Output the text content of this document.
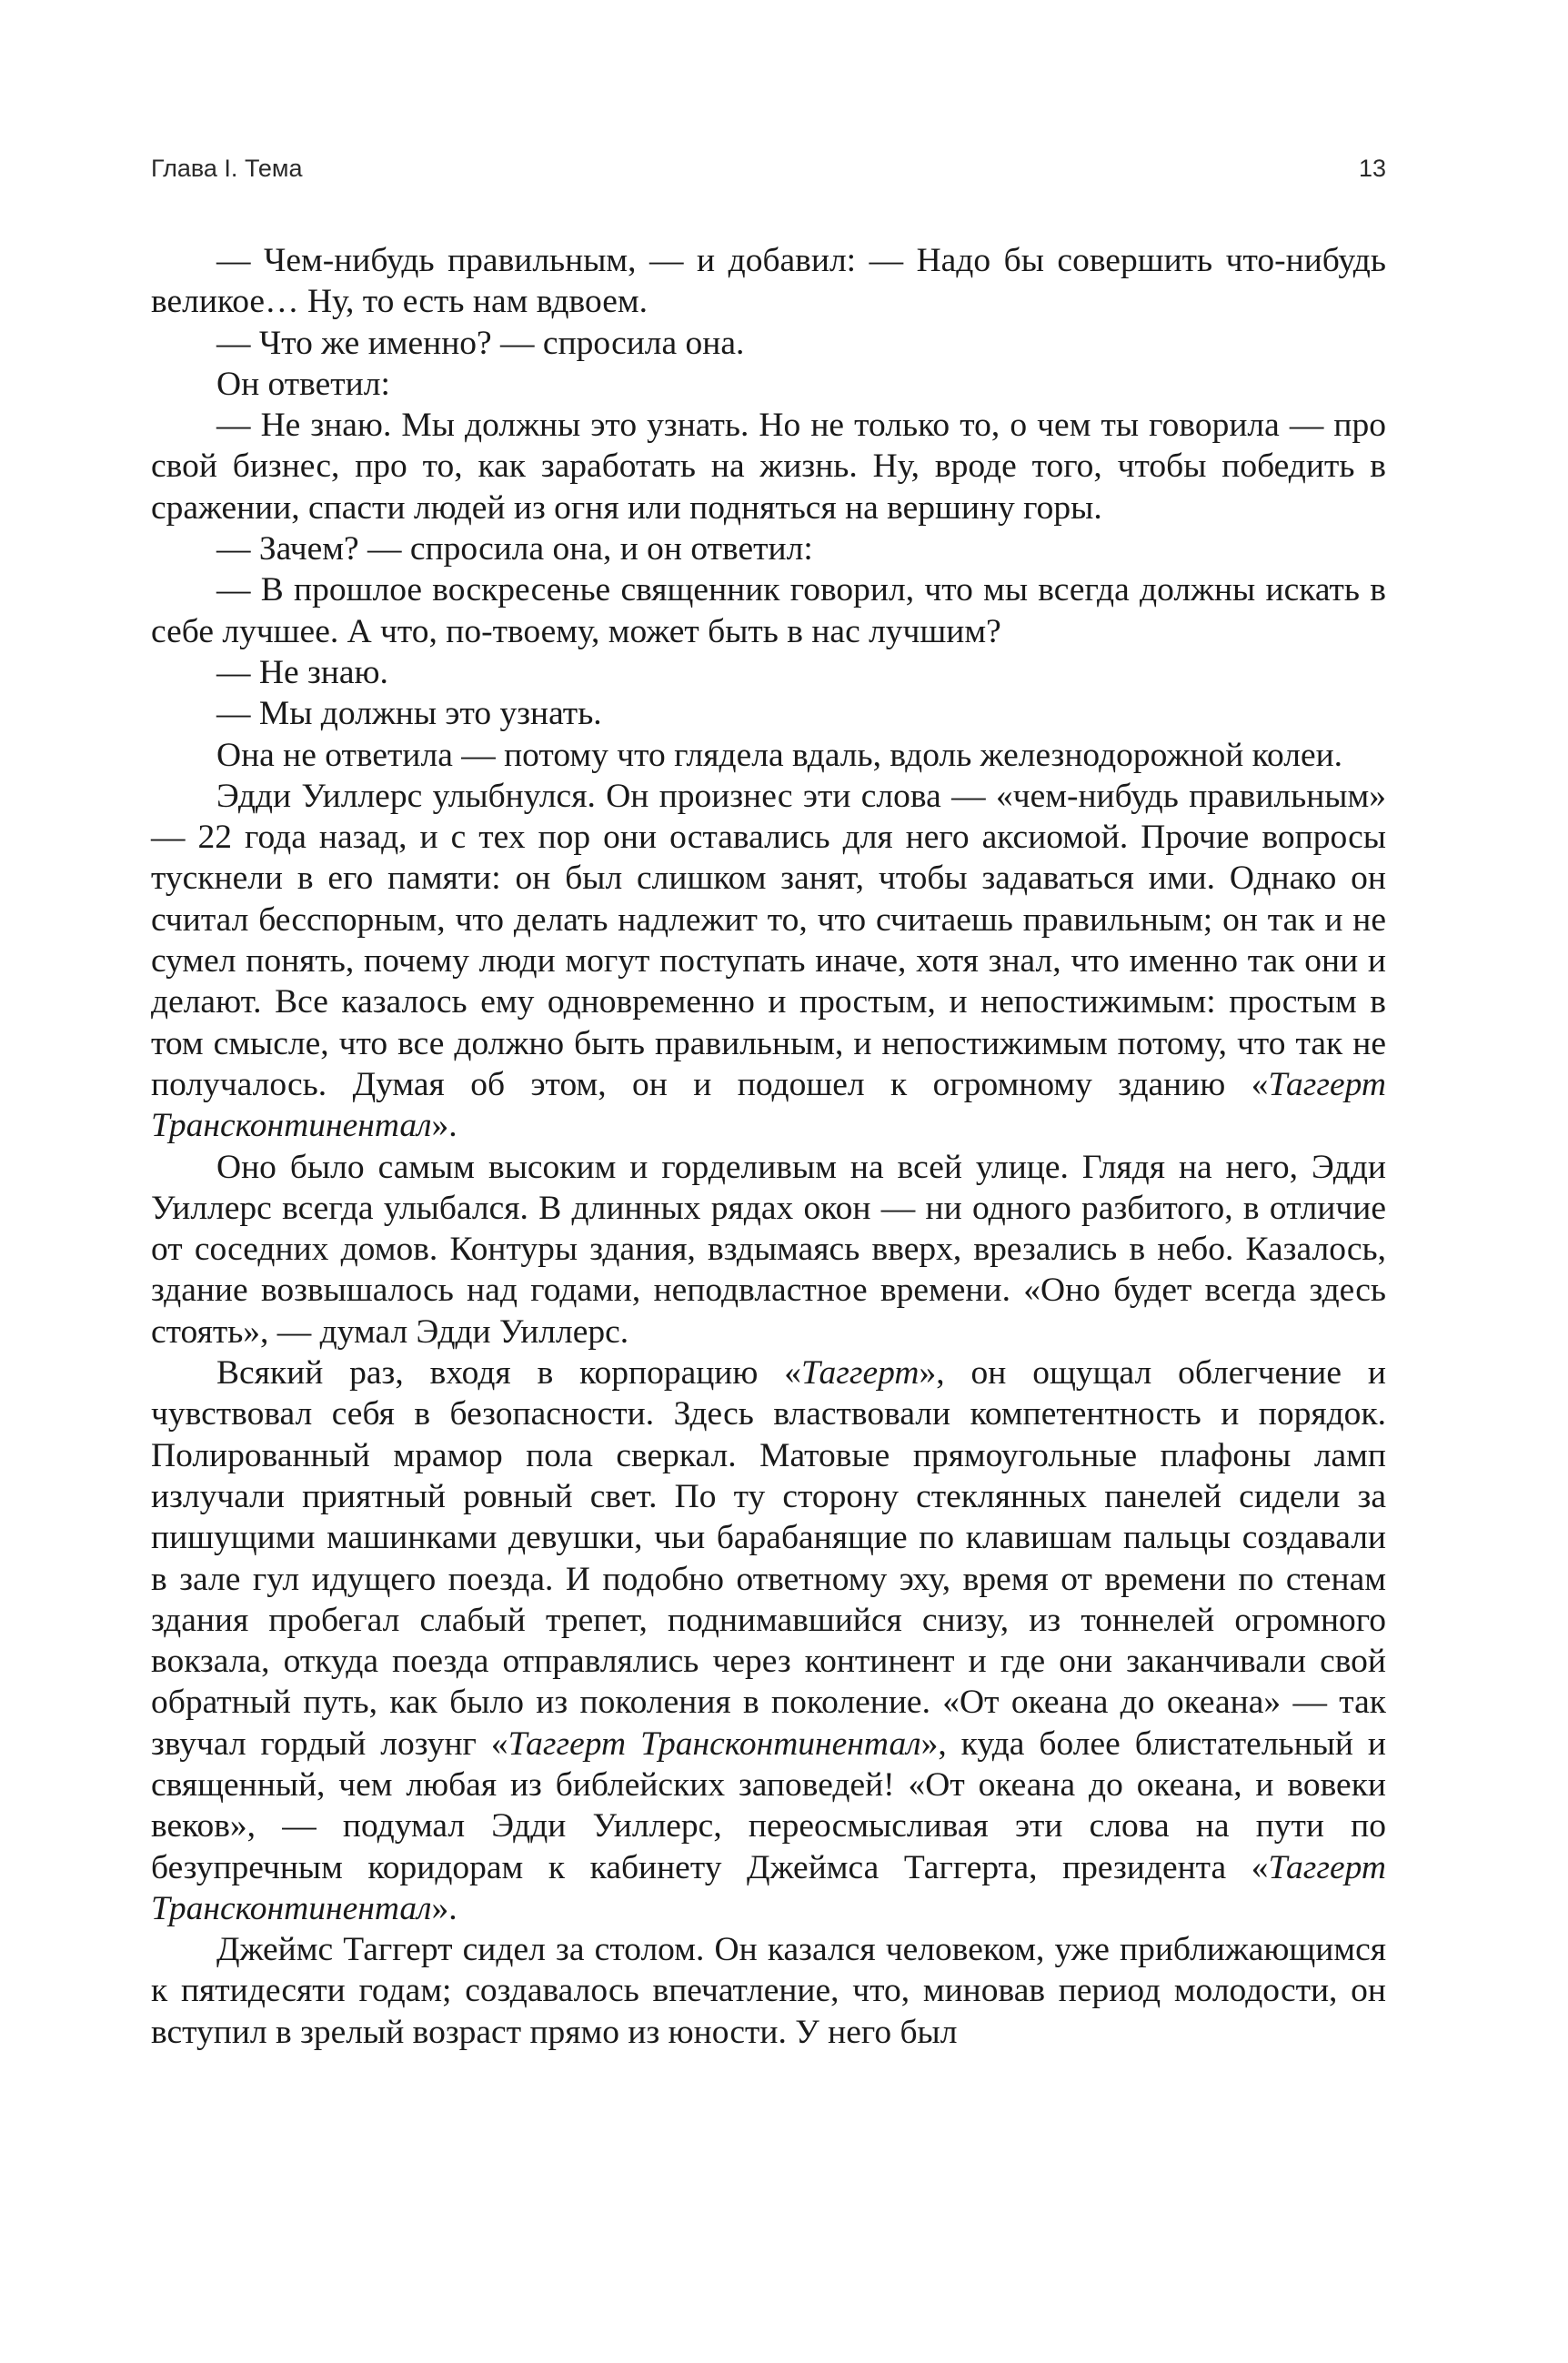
Глава I. Тема	13

— Чем-нибудь правильным, — и добавил: — Надо бы совершить что-нибудь великое… Ну, то есть нам вдвоем.

— Что же именно? — спросила она.

Он ответил:

— Не знаю. Мы должны это узнать. Но не только то, о чем ты говорила — про свой бизнес, про то, как заработать на жизнь. Ну, вроде того, чтобы победить в сражении, спасти людей из огня или подняться на вершину горы.

— Зачем? — спросила она, и он ответил:

— В прошлое воскресенье священник говорил, что мы всегда должны искать в себе лучшее. А что, по-твоему, может быть в нас лучшим?

— Не знаю.

— Мы должны это узнать.

Она не ответила — потому что глядела вдаль, вдоль железнодорожной колеи.

Эдди Уиллерс улыбнулся. Он произнес эти слова — «чем-нибудь правильным» — 22 года назад, и с тех пор они оставались для него аксиомой. Прочие вопросы тускнели в его памяти: он был слишком занят, чтобы задаваться ими. Однако он считал бесспорным, что делать надлежит то, что считаешь правильным; он так и не сумел понять, почему люди могут поступать иначе, хотя знал, что именно так они и делают. Все казалось ему одновременно и простым, и непостижимым: простым в том смысле, что все должно быть правильным, и непостижимым потому, что так не получалось. Думая об этом, он и подошел к огромному зданию «Таггерт Трансконтинентал».

Оно было самым высоким и горделивым на всей улице. Глядя на него, Эдди Уиллерс всегда улыбался. В длинных рядах окон — ни одного разбитого, в отличие от соседних домов. Контуры здания, вздымаясь вверх, врезались в небо. Казалось, здание возвышалось над годами, неподвластное времени. «Оно будет всегда здесь стоять», — думал Эдди Уиллерс.

Всякий раз, входя в корпорацию «Таггерт», он ощущал облегчение и чувствовал себя в безопасности. Здесь властвовали компетентность и порядок. Полированный мрамор пола сверкал. Матовые прямоугольные плафоны ламп излучали приятный ровный свет. По ту сторону стеклянных панелей сидели за пишущими машинками девушки, чьи барабанящие по клавишам пальцы создавали в зале гул идущего поезда. И подобно ответному эху, время от времени по стенам здания пробегал слабый трепет, поднимавшийся снизу, из тоннелей огромного вокзала, откуда поезда отправлялись через континент и где они заканчивали свой обратный путь, как было из поколения в поколение. «От океана до океана» — так звучал гордый лозунг «Таггерт Трансконтинентал», куда более блистательный и священный, чем любая из библейских заповедей! «От океана до океана, и вовеки веков», — подумал Эдди Уиллерс, переосмысливая эти слова на пути по безупречным коридорам к кабинету Джеймса Таггерта, президента «Таггерт Трансконтинентал».

Джеймс Таггерт сидел за столом. Он казался человеком, уже приближающимся к пятидесяти годам; создавалось впечатление, что, миновав период молодости, он вступил в зрелый возраст прямо из юности. У него был
